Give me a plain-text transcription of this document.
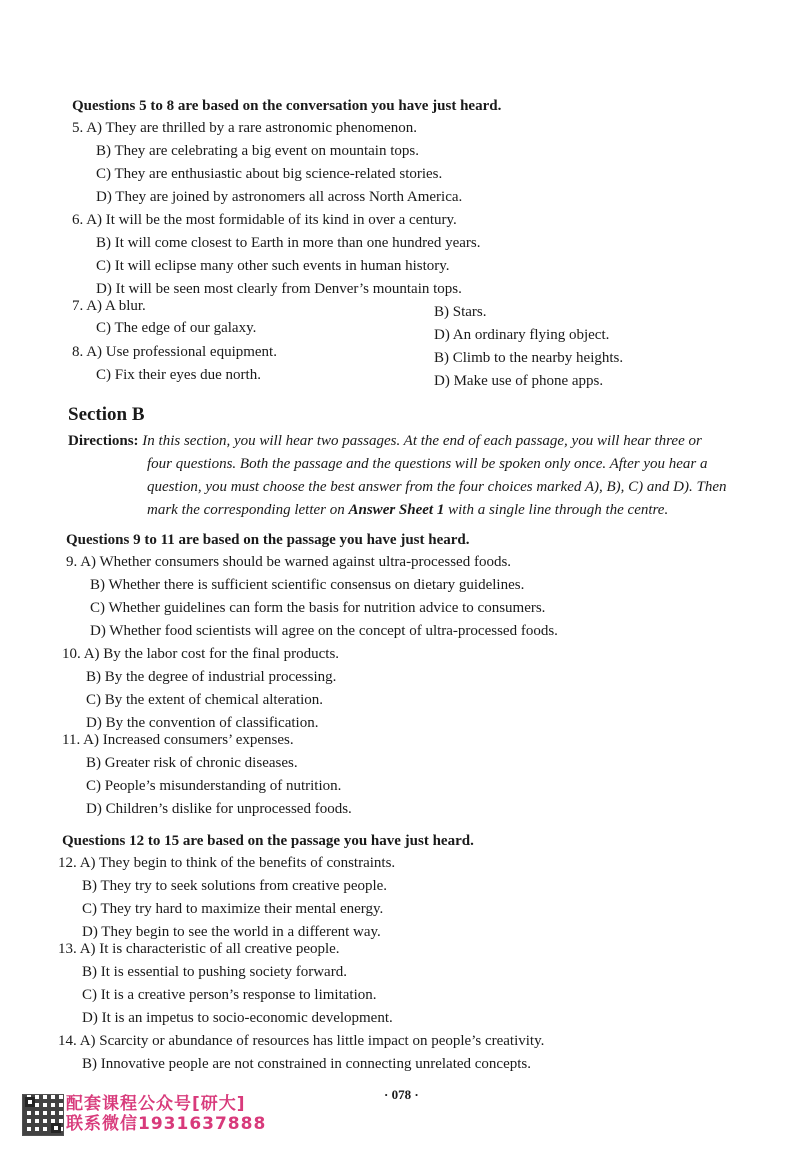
Questions 5 to 8 are based on the conversation you have just heard.
5. A) They are thrilled by a rare astronomic phenomenon.
B) They are celebrating a big event on mountain tops.
C) They are enthusiastic about big science-related stories.
D) They are joined by astronomers all across North America.
6. A) It will be the most formidable of its kind in over a century.
B) It will come closest to Earth in more than one hundred years.
C) It will eclipse many other such events in human history.
D) It will be seen most clearly from Denver’s mountain tops.
7. A) A blur.
C) The edge of our galaxy.
B) Stars.
D) An ordinary flying object.
8. A) Use professional equipment.
C) Fix their eyes due north.
B) Climb to the nearby heights.
D) Make use of phone apps.
Section B
Directions: In this section, you will hear two passages. At the end of each passage, you will hear three or
four questions. Both the passage and the questions will be spoken only once. After you hear a
question, you must choose the best answer from the four choices marked A), B), C) and D). Then
mark the corresponding letter on Answer Sheet 1 with a single line through the centre.
Questions 9 to 11 are based on the passage you have just heard.
9. A) Whether consumers should be warned against ultra-processed foods.
B) Whether there is sufficient scientific consensus on dietary guidelines.
C) Whether guidelines can form the basis for nutrition advice to consumers.
D) Whether food scientists will agree on the concept of ultra-processed foods.
10. A) By the labor cost for the final products.
B) By the degree of industrial processing.
C) By the extent of chemical alteration.
D) By the convention of classification.
11. A) Increased consumers’ expenses.
B) Greater risk of chronic diseases.
C) People’s misunderstanding of nutrition.
D) Children’s dislike for unprocessed foods.
Questions 12 to 15 are based on the passage you have just heard.
12. A) They begin to think of the benefits of constraints.
B) They try to seek solutions from creative people.
C) They try hard to maximize their mental energy.
D) They begin to see the world in a different way.
13. A) It is characteristic of all creative people.
B) It is essential to pushing society forward.
C) It is a creative person’s response to limitation.
D) It is an impetus to socio-economic development.
14. A) Scarcity or abundance of resources has little impact on people’s creativity.
B) Innovative people are not constrained in connecting unrelated concepts.
· 078 ·
配套课程公众号[研大]
联系微信1931637888
